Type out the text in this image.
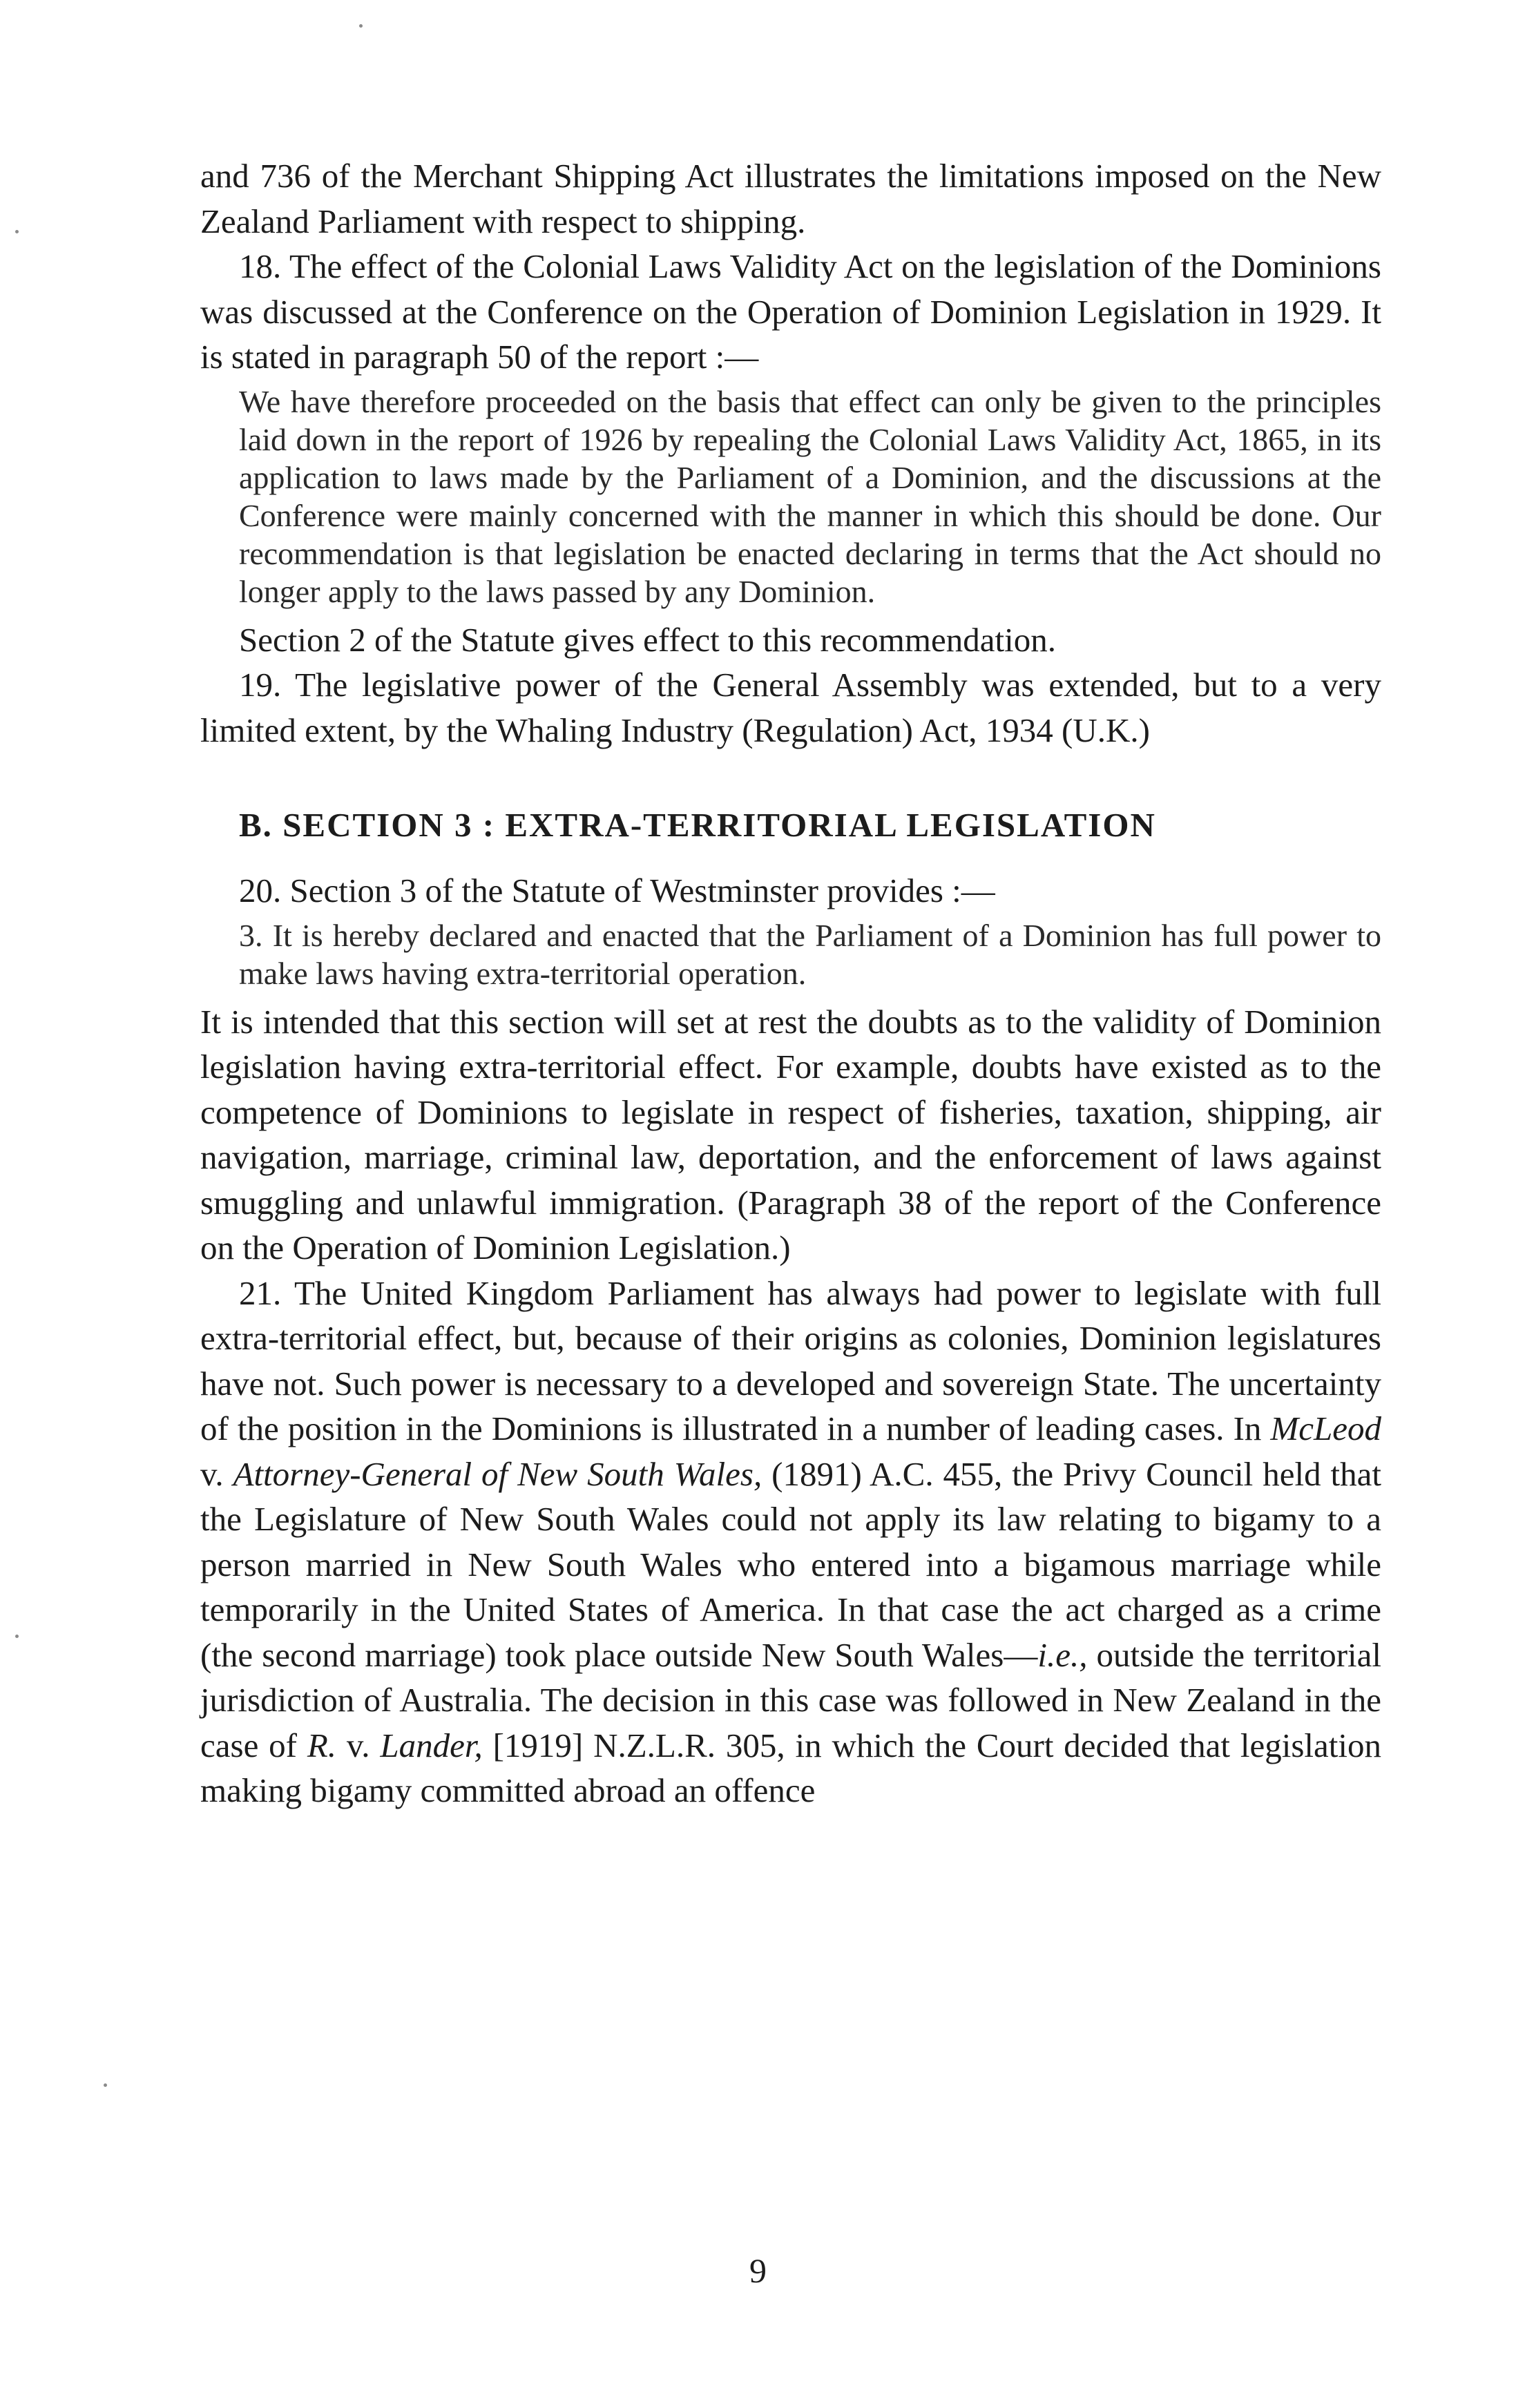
and 736 of the Merchant Shipping Act illustrates the limitations imposed on the New Zealand Parliament with respect to shipping.

18. The effect of the Colonial Laws Validity Act on the legislation of the Dominions was discussed at the Conference on the Operation of Dominion Legislation in 1929. It is stated in paragraph 50 of the report :—

We have therefore proceeded on the basis that effect can only be given to the principles laid down in the report of 1926 by repealing the Colonial Laws Validity Act, 1865, in its application to laws made by the Parliament of a Dominion, and the discussions at the Conference were mainly concerned with the manner in which this should be done. Our recommendation is that legislation be enacted declaring in terms that the Act should no longer apply to the laws passed by any Dominion.

Section 2 of the Statute gives effect to this recommendation.

19. The legislative power of the General Assembly was extended, but to a very limited extent, by the Whaling Industry (Regulation) Act, 1934 (U.K.)

B. SECTION 3 : EXTRA-TERRITORIAL LEGISLATION

20. Section 3 of the Statute of Westminster provides :—

3. It is hereby declared and enacted that the Parliament of a Dominion has full power to make laws having extra-territorial operation.

It is intended that this section will set at rest the doubts as to the validity of Dominion legislation having extra-territorial effect. For example, doubts have existed as to the competence of Dominions to legislate in respect of fisheries, taxation, shipping, air navigation, marriage, criminal law, deportation, and the enforcement of laws against smuggling and unlawful immigration. (Paragraph 38 of the report of the Conference on the Operation of Dominion Legislation.)

21. The United Kingdom Parliament has always had power to legislate with full extra-territorial effect, but, because of their origins as colonies, Dominion legislatures have not. Such power is necessary to a developed and sovereign State. The uncertainty of the position in the Dominions is illustrated in a number of leading cases. In McLeod v. Attorney-General of New South Wales, (1891) A.C. 455, the Privy Council held that the Legislature of New South Wales could not apply its law relating to bigamy to a person married in New South Wales who entered into a bigamous marriage while temporarily in the United States of America. In that case the act charged as a crime (the second marriage) took place outside New South Wales—i.e., outside the territorial jurisdiction of Australia. The decision in this case was followed in New Zealand in the case of R. v. Lander, [1919] N.Z.L.R. 305, in which the Court decided that legislation making bigamy committed abroad an offence

9
